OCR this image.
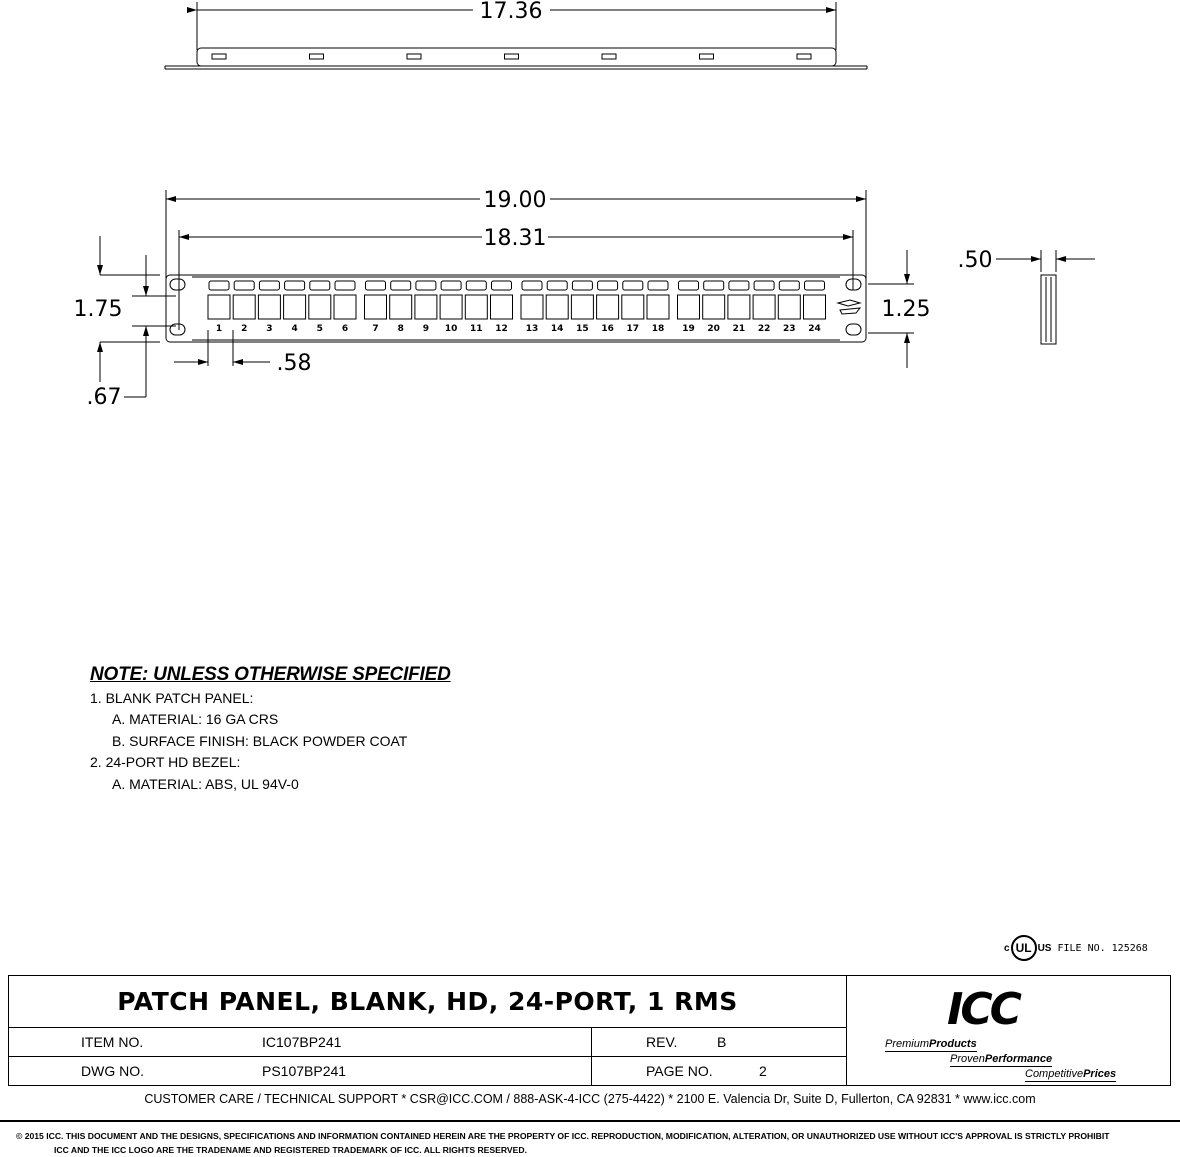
17.36
1 2 3 4 5 6	7 8 9 10 11 12 13 14 15 16 17 18 19 20 21 22 23 24
19.00
18.31
1.75	1.25
.50
.58
.67
NOTE: UNLESS OTHERWISE SPECIFIED
1. BLANK PATCH PANEL:
A. MATERIAL: 16 GA CRS
B. SURFACE FINISH: BLACK POWDER COAT
2. 24-PORT HD BEZEL:
A. MATERIAL: ABS, UL 94V-0
c UL US FILE NO. 125268
PATCH PANEL, BLANK, HD, 24-PORT, 1 RMS
ITEM NO.	IC107BP241	REV.	B
DWG NO.	PS107BP241	PAGE NO.	2
ICC
PremiumProducts
ProvenPerformance
CompetitivePrices
CUSTOMER CARE / TECHNICAL SUPPORT * CSR@ICC.COM / 888-ASK-4-ICC (275-4422) * 2100 E. Valencia Dr, Suite D, Fullerton, CA 92831 * www.icc.com
© 2015 ICC. THIS DOCUMENT AND THE DESIGNS, SPECIFICATIONS AND INFORMATION CONTAINED HEREIN ARE THE PROPERTY OF ICC. REPRODUCTION, MODIFICATION, ALTERATION, OR UNAUTHORIZED USE WITHOUT ICC'S APPROVAL IS STRICTLY PROHIBIT
ICC AND THE ICC LOGO ARE THE TRADENAME AND REGISTERED TRADEMARK OF ICC. ALL RIGHTS RESERVED.
